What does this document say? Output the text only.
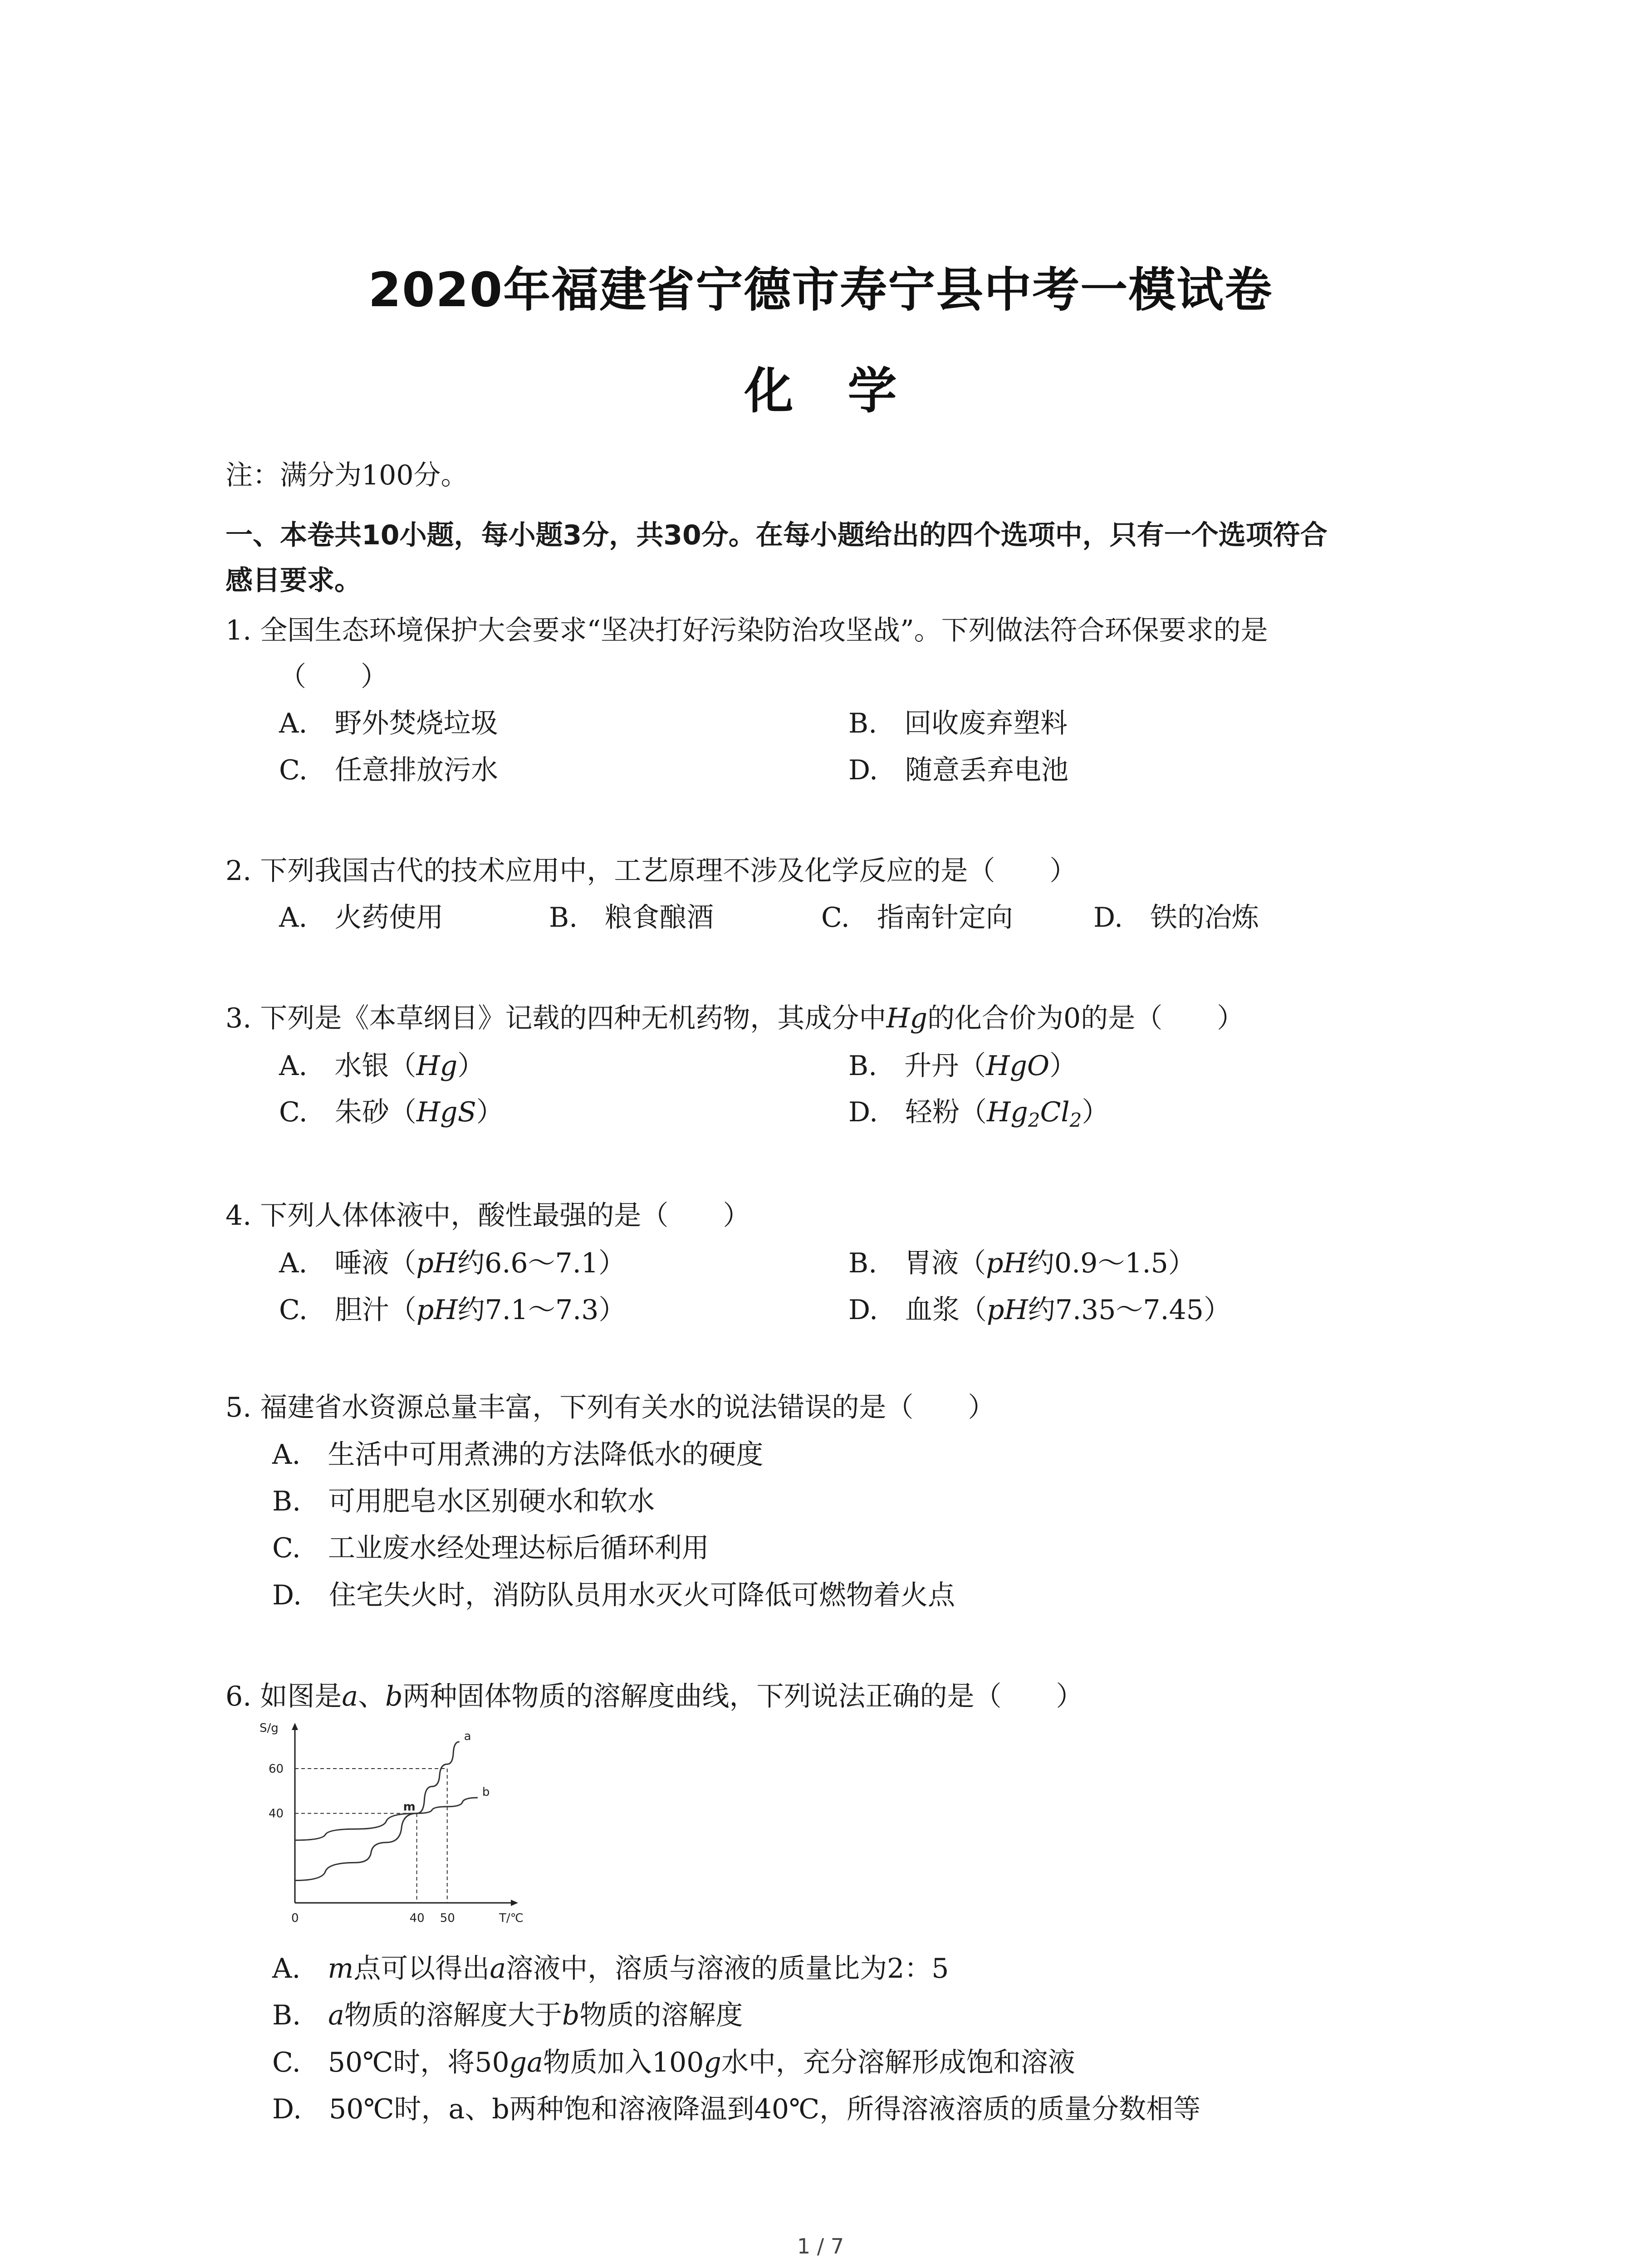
2020年福建省宁德市寿宁县中考一模试卷
化学
注：满分为100分。
一、本卷共10小题，每小题3分，共30分。在每小题给出的四个选项中，只有一个选项符合
感目要求。
1. 全国生态环境保护大会要求“坚决打好污染防治攻坚战”。下列做法符合环保要求的是
（　　）
A.　野外焚烧垃圾	B.　回收废弃塑料
C.　任意排放污水	D.　随意丢弃电池
2. 下列我国古代的技术应用中，工艺原理不涉及化学反应的是（　　）
A.　火药使用	B.　粮食酿酒	C.　指南针定向	D.　铁的冶炼
3. 下列是《本草纲目》记载的四种无机药物，其成分中Hg的化合价为0的是（　　）
A.　水银（Hg）	B.　升丹（HgO）
C.　朱砂（HgS）	D.　轻粉$(Hg_2Cl_2)$
4. 下列人体体液中，酸性最强的是（　　）
A.　唾液（pH约6.6～7.1）	B.　胃液（pH约0.9～1.5）
C.　胆汁（pH约7.1～7.3）	D.　血浆（pH约7.35～7.45）
5. 福建省水资源总量丰富，下列有关水的说法错误的是（　　）
A.　生活中可用煮沸的方法降低水的硬度
B.　可用肥皂水区别硬水和软水
C.　工业废水经处理达标后循环利用
D.　住宅失火时，消防队员用水灭火可降低可燃物着火点
6. 如图是a、b两种固体物质的溶解度曲线，下列说法正确的是（　　）
S/g
T/℃
0
40
60
40 50
a
b
m
A.　m点可以得出a溶液中，溶质与溶液的质量比为2：5
B.　a物质的溶解度大于b物质的溶解度
C.　50℃时，将50ga物质加入100g水中，充分溶解形成饱和溶液
D.　50℃时，a、b两种饱和溶液降温到40℃，所得溶液溶质的质量分数相等
1 / 7
